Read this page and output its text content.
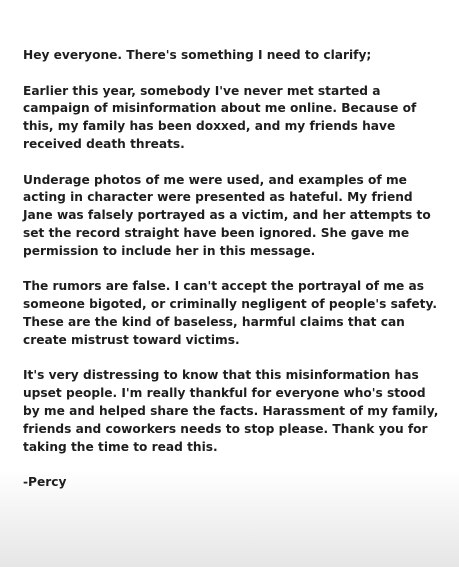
Hey everyone. There's something I need to clarify;

Earlier this year, somebody I've never met started a campaign of misinformation about me online. Because of this, my family has been doxxed, and my friends have received death threats.

Underage photos of me were used, and examples of me acting in character were presented as hateful. My friend Jane was falsely portrayed as a victim, and her attempts to set the record straight have been ignored. She gave me permission to include her in this message.

The rumors are false. I can't accept the portrayal of me as someone bigoted, or criminally negligent of people's safety. These are the kind of baseless, harmful claims that can create mistrust toward victims.

It's very distressing to know that this misinformation has upset people. I'm really thankful for everyone who's stood by me and helped share the facts. Harassment of my family, friends and coworkers needs to stop please. Thank you for taking the time to read this.

-Percy
